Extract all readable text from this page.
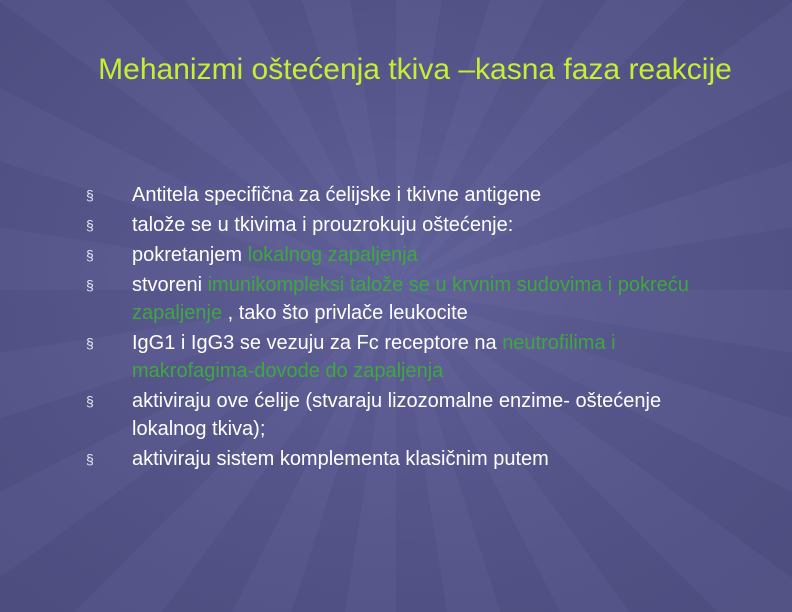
Mehanizmi oštećenja tkiva –kasna faza reakcije
§	Antitela specifična za ćelijske i tkivne antigene
§	talože se u tkivima i prouzrokuju oštećenje:
§	pokretanjem lokalnog zapaljenja
§	stvoreni imunikompleksi talože se u krvnim sudovima i pokreću zapaljenje , tako što privlače leukocite
§	IgG1 i IgG3 se vezuju za Fc receptore na neutrofilima i makrofagima-dovode do zapaljenja
§	aktiviraju ove ćelije (stvaraju lizozomalne enzime- oštećenje lokalnog tkiva);
§	aktiviraju sistem komplementa klasičnim putem
